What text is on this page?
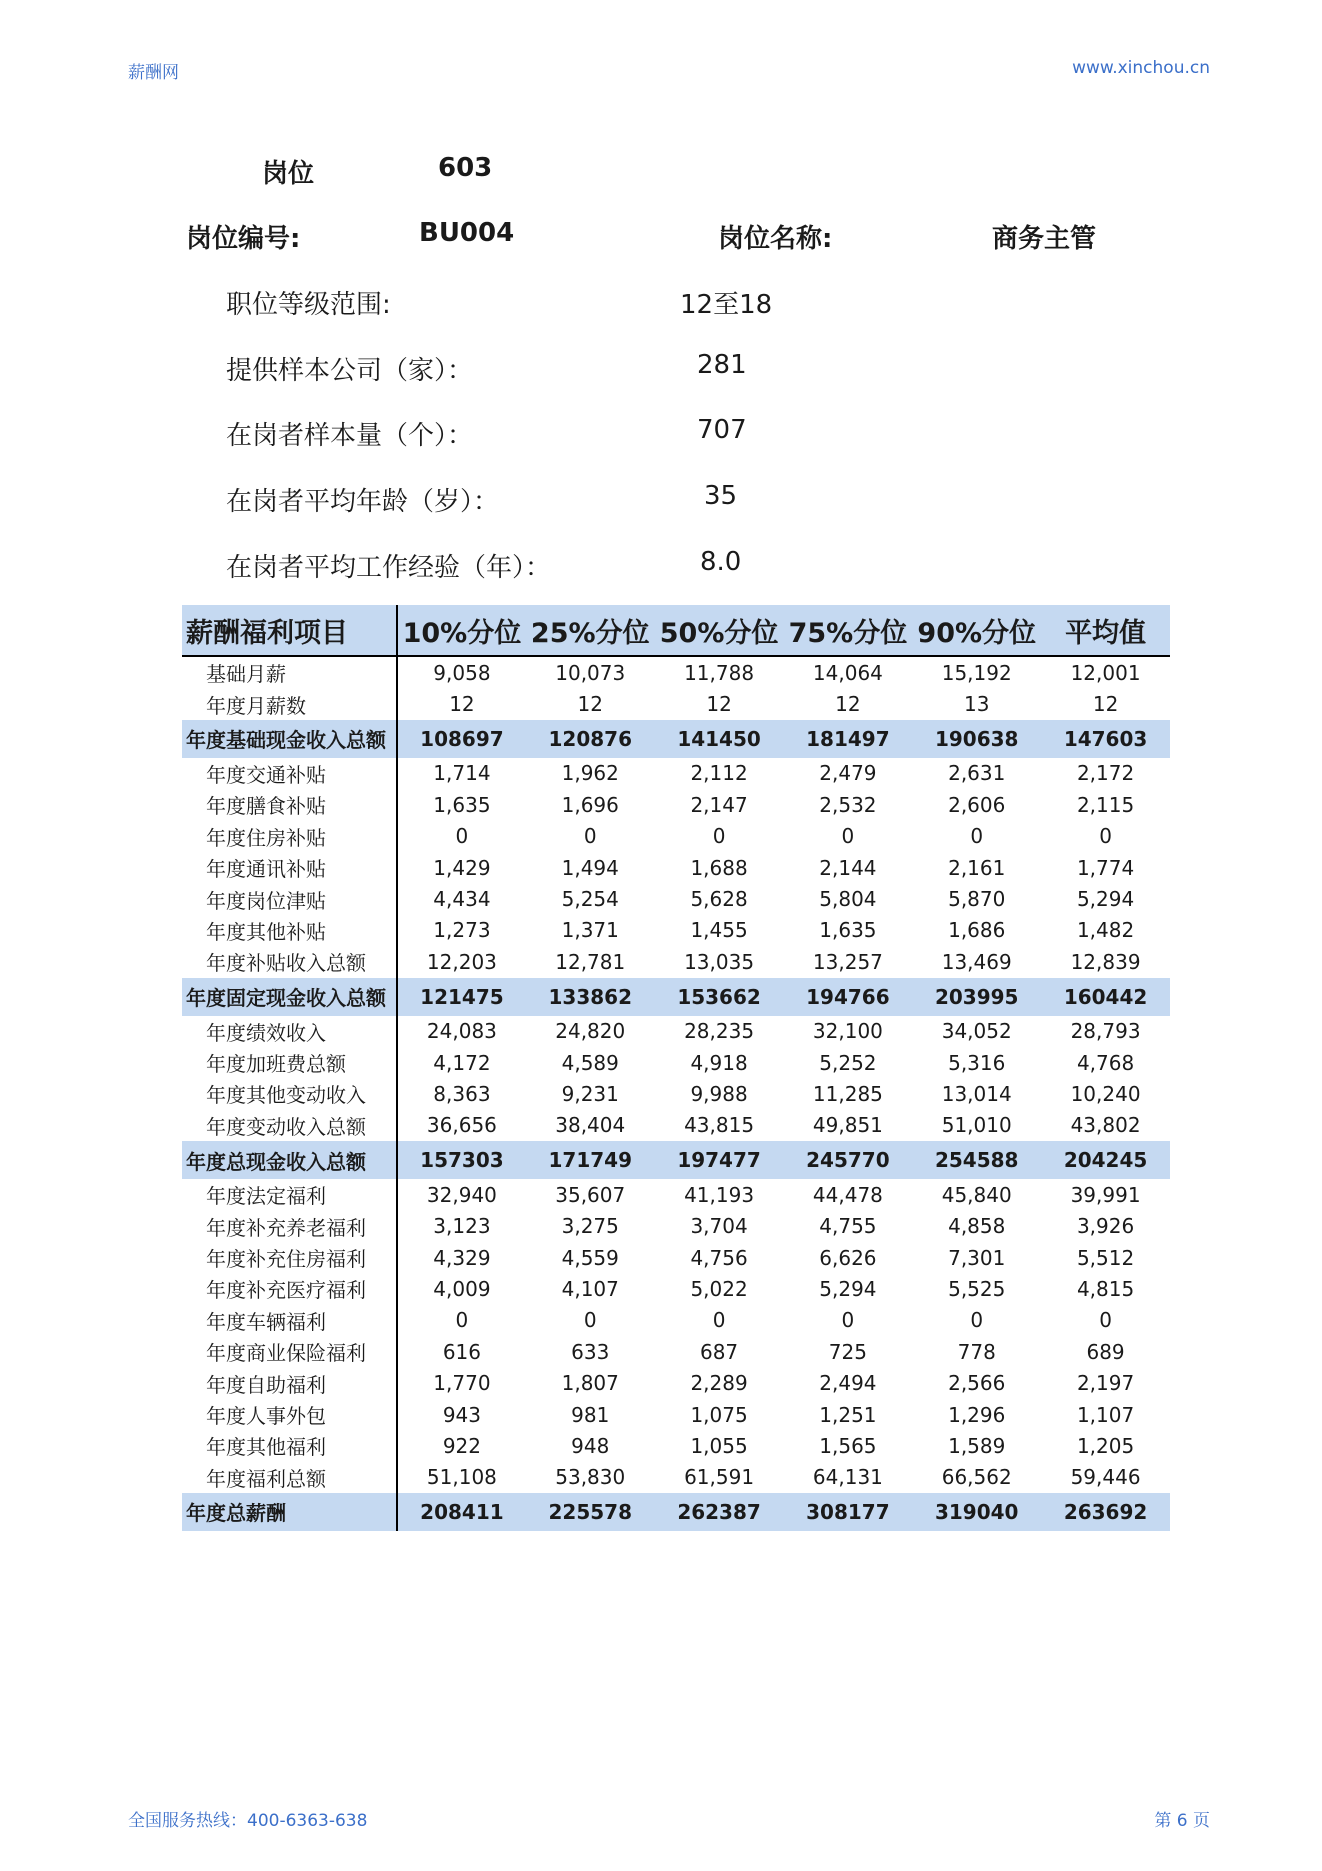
薪酬网	www.xinchou.cn
岗位	603
岗位编号:	BU004	岗位名称:	商务主管
职位等级范围:	12至18
提供样本公司（家）：	281
在岗者样本量（个）：	707
在岗者平均年龄（岁）：	35
在岗者平均工作经验（年）：	8.0
薪酬福利项目	10%分位	25%分位	50%分位	75%分位	90%分位	平均值
基础月薪	9,058	10,073	11,788	14,064	15,192	12,001
年度月薪数	12	12	12	12	13	12
年度基础现金收入总额	108697	120876	141450	181497	190638	147603
年度交通补贴	1,714	1,962	2,112	2,479	2,631	2,172
年度膳食补贴	1,635	1,696	2,147	2,532	2,606	2,115
年度住房补贴	0	0	0	0	0	0
年度通讯补贴	1,429	1,494	1,688	2,144	2,161	1,774
年度岗位津贴	4,434	5,254	5,628	5,804	5,870	5,294
年度其他补贴	1,273	1,371	1,455	1,635	1,686	1,482
年度补贴收入总额	12,203	12,781	13,035	13,257	13,469	12,839
年度固定现金收入总额	121475	133862	153662	194766	203995	160442
年度绩效收入	24,083	24,820	28,235	32,100	34,052	28,793
年度加班费总额	4,172	4,589	4,918	5,252	5,316	4,768
年度其他变动收入	8,363	9,231	9,988	11,285	13,014	10,240
年度变动收入总额	36,656	38,404	43,815	49,851	51,010	43,802
年度总现金收入总额	157303	171749	197477	245770	254588	204245
年度法定福利	32,940	35,607	41,193	44,478	45,840	39,991
年度补充养老福利	3,123	3,275	3,704	4,755	4,858	3,926
年度补充住房福利	4,329	4,559	4,756	6,626	7,301	5,512
年度补充医疗福利	4,009	4,107	5,022	5,294	5,525	4,815
年度车辆福利	0	0	0	0	0	0
年度商业保险福利	616	633	687	725	778	689
年度自助福利	1,770	1,807	2,289	2,494	2,566	2,197
年度人事外包	943	981	1,075	1,251	1,296	1,107
年度其他福利	922	948	1,055	1,565	1,589	1,205
年度福利总额	51,108	53,830	61,591	64,131	66,562	59,446
年度总薪酬	208411	225578	262387	308177	319040	263692
全国服务热线：400-6363-638	第 6 页
